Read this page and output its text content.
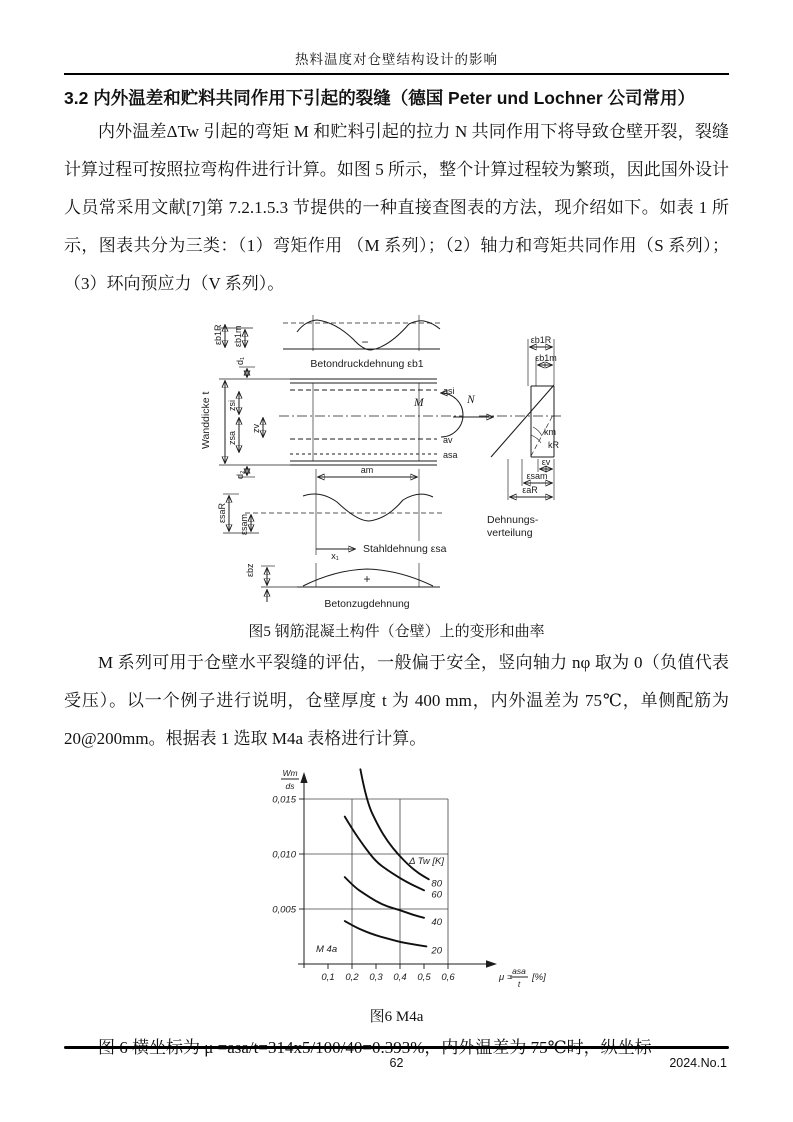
热料温度对仓壁结构设计的影响
3.2 内外温差和贮料共同作用下引起的裂缝（德国 Peter und Lochner 公司常用）

内外温差ΔTw 引起的弯矩 M 和贮料引起的拉力 N 共同作用下将导致仓壁开裂，裂缝计算过程可按照拉弯构件进行计算。如图 5 所示，整个计算过程较为繁琐，因此国外设计人员常采用文献[7]第 7.2.1.5.3 节提供的一种直接查图表的方法，现介绍如下。如表 1 所示，图表共分为三类：（1）弯矩作用 （M 系列）；（2）轴力和弯矩共同作用（S 系列）；（3）环向预应力（V 系列）。

−
εb1R εb1m
Betondruckdehnung εb1
asi
av
asa
Wanddicke t
d₁
zsi
zv
zsa
d₂
M	N
km
kR
εb1R
εb1m
εv
εsam
εaR
Dehnungs-
verteilung
am
εsaR
εsam
x₁
Stahldehnung εsa
+
εbz
Betonzugdehnung

图5 钢筋混凝土构件（仓壁）上的变形和曲率

M 系列可用于仓壁水平裂缝的评估，一般偏于安全，竖向轴力 nφ 取为 0（负值代表受压）。以一个例子进行说明，仓壁厚度 t 为 400 mm，内外温差为 75℃，单侧配筋为 20@200mm。根据表 1 选取 M4a 表格进行计算。

0,1 0,2 0,3 0,4 0,5 0,6
0,005
0,010
0,015
Wm
ds
μ =
asa
t
[%]
Δ Tw [K]
M 4a
80
60
40
20

图6 M4a

62	2024.No.1
